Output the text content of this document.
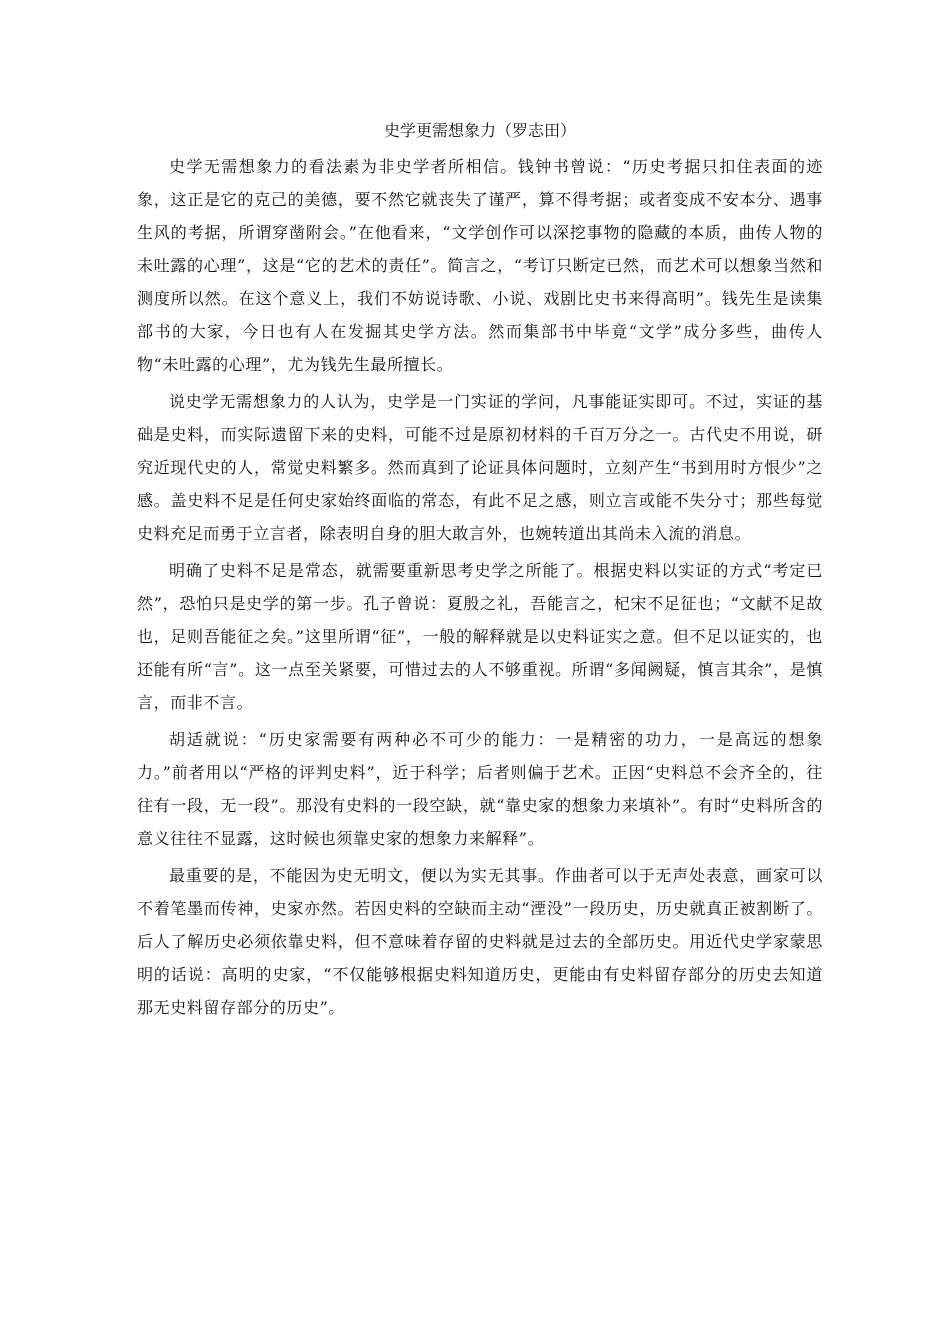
史学更需想象力（罗志田）

史学无需想象力的看法素为非史学者所相信。钱钟书曾说：“历史考据只扣住表面的迹象，这正是它的克己的美德，要不然它就丧失了谨严，算不得考据；或者变成不安本分、遇事生风的考据，所谓穿凿附会。”在他看来，“文学创作可以深挖事物的隐藏的本质，曲传人物的未吐露的心理”，这是“它的艺术的责任”。简言之，“考订只断定已然，而艺术可以想象当然和测度所以然。在这个意义上，我们不妨说诗歌、小说、戏剧比史书来得高明”。钱先生是读集部书的大家，今日也有人在发掘其史学方法。然而集部书中毕竟“文学”成分多些，曲传人物“未吐露的心理”，尤为钱先生最所擅长。

说史学无需想象力的人认为，史学是一门实证的学问，凡事能证实即可。不过，实证的基础是史料，而实际遗留下来的史料，可能不过是原初材料的千百万分之一。古代史不用说，研究近现代史的人，常觉史料繁多。然而真到了论证具体问题时，立刻产生“书到用时方恨少”之感。盖史料不足是任何史家始终面临的常态，有此不足之感，则立言或能不失分寸；那些每觉史料充足而勇于立言者，除表明自身的胆大敢言外，也婉转道出其尚未入流的消息。

明确了史料不足是常态，就需要重新思考史学之所能了。根据史料以实证的方式“考定已然”，恐怕只是史学的第一步。孔子曾说：夏殷之礼，吾能言之，杞宋不足征也；“文献不足故也，足则吾能征之矣。”这里所谓“征”，一般的解释就是以史料证实之意。但不足以证实的，也还能有所“言”。这一点至关紧要，可惜过去的人不够重视。所谓“多闻阙疑，慎言其余”，是慎言，而非不言。

胡适就说：“历史家需要有两种必不可少的能力：一是精密的功力，一是高远的想象力。”前者用以“严格的评判史料”，近于科学；后者则偏于艺术。正因“史料总不会齐全的，往往有一段，无一段”。那没有史料的一段空缺，就“靠史家的想象力来填补”。有时“史料所含的意义往往不显露，这时候也须靠史家的想象力来解释”。

最重要的是，不能因为史无明文，便以为实无其事。作曲者可以于无声处表意，画家可以不着笔墨而传神，史家亦然。若因史料的空缺而主动“湮没”一段历史，历史就真正被割断了。后人了解历史必须依靠史料，但不意味着存留的史料就是过去的全部历史。用近代史学家蒙思明的话说：高明的史家，“不仅能够根据史料知道历史，更能由有史料留存部分的历史去知道那无史料留存部分的历史”。
